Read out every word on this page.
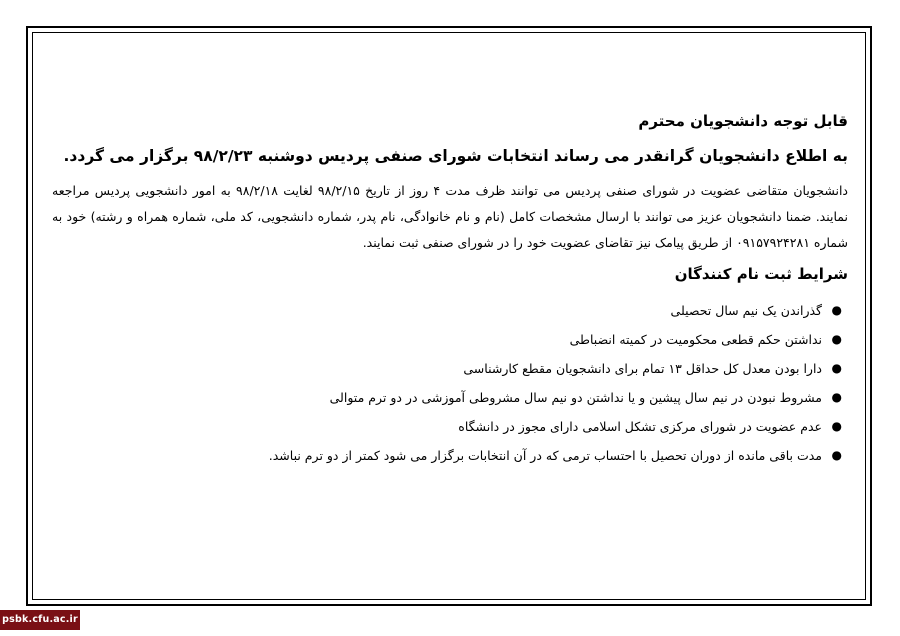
قابل توجه دانشجویان محترم

به اطلاع دانشجویان گرانقدر می رساند انتخابات شورای صنفی پردیس دوشنبه ۹۸/۲/۲۳ برگزار می گردد.

دانشجویان متقاضی عضویت در شورای صنفی پردیس می توانند ظرف مدت ۴ روز از تاریخ ۹۸/۲/۱۵ لغایت ۹۸/۲/۱۸ به امور دانشجویی پردیس مراجعه نمایند. ضمنا دانشجویان عزیز می توانند با ارسال مشخصات کامل (نام و نام خانوادگی، نام پدر، شماره دانشجویی، کد ملی، شماره همراه و رشته) خود به شماره ۰۹۱۵۷۹۲۴۲۸۱ از طریق پیامک نیز تقاضای عضویت خود را در شورای صنفی ثبت نمایند.

شرایط ثبت نام کنندگان

●
گذراندن یک نیم سال تحصیلی
●
نداشتن حکم قطعی محکومیت در کمیته انضباطی
●
دارا بودن معدل کل حداقل ۱۳ تمام برای دانشجویان مقطع کارشناسی
●
مشروط نبودن در نیم سال پیشین و یا نداشتن دو نیم سال مشروطی آموزشی در دو ترم متوالی
●
عدم عضویت در شورای مرکزی تشکل اسلامی دارای مجوز در دانشگاه
●
مدت باقی مانده از دوران تحصیل با احتساب ترمی که در آن انتخابات برگزار می شود کمتر از دو ترم نباشد.
psbk.cfu.ac.ir
